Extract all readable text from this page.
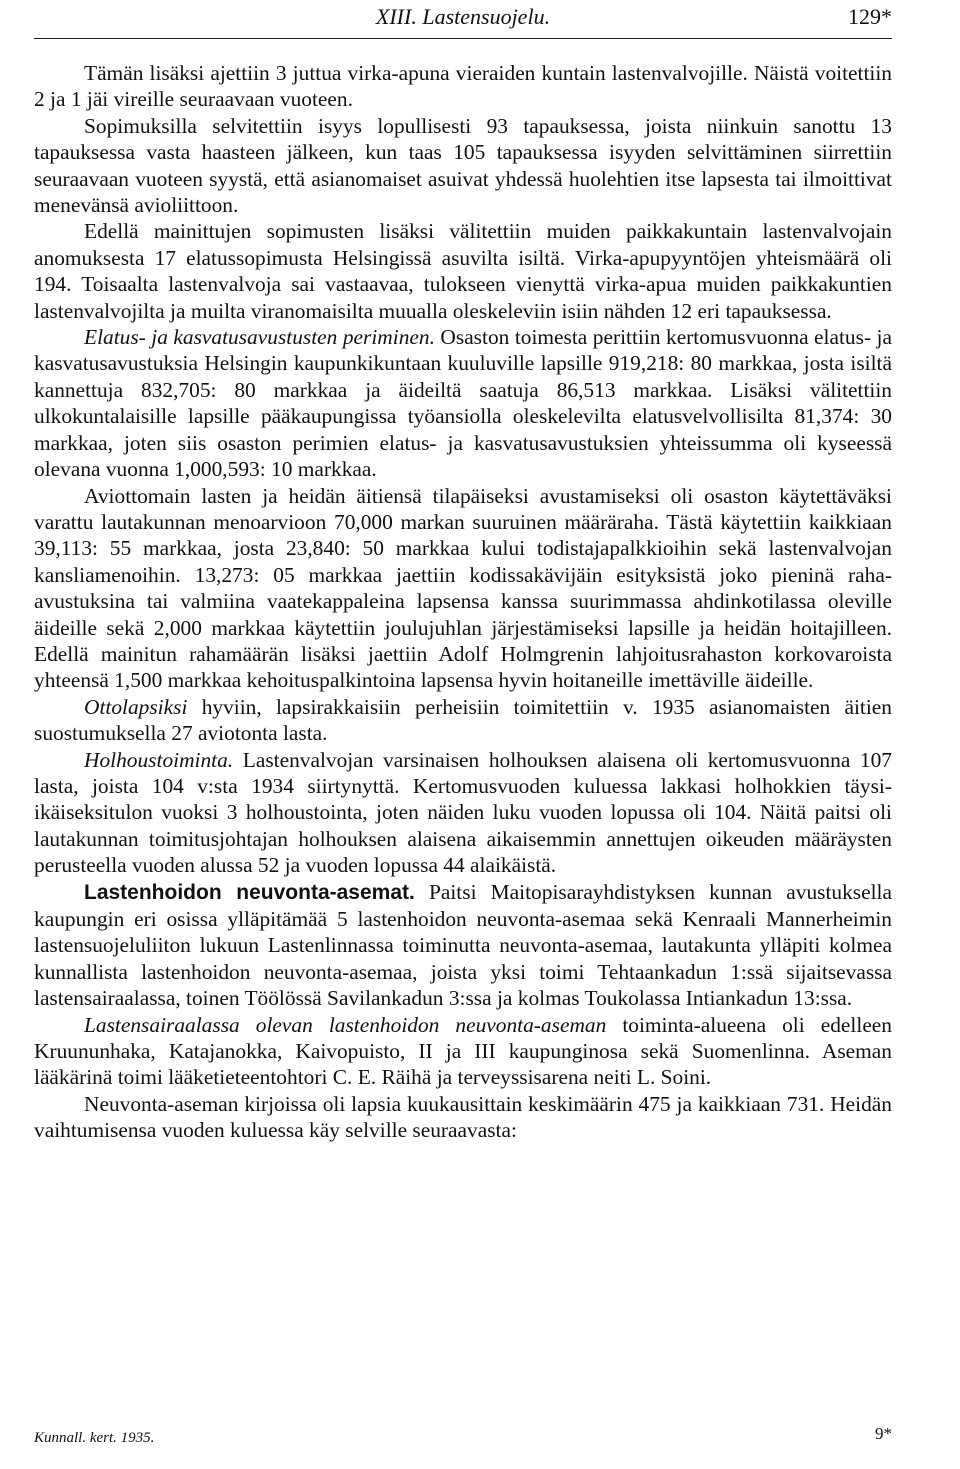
XIII. Lastensuojelu.	129*

Tämän lisäksi ajettiin 3 juttua virka-apuna vieraiden kuntain lastenvalvojille. Näistä voitettiin 2 ja 1 jäi vireille seuraavaan vuoteen.

Sopimuksilla selvitettiin isyys lopullisesti 93 tapauksessa, joista niinkuin sanottu 13 tapauksessa vasta haasteen jälkeen, kun taas 105 tapauksessa isyyden selvittäminen siirrettiin seuraavaan vuoteen syystä, että asianomaiset asuivat yhdessä huolehtien itse lapsesta tai ilmoittivat menevänsä avioliittoon.

Edellä mainittujen sopimusten lisäksi välitettiin muiden paikkakuntain lastenvalvojain anomuksesta 17 elatussopimusta Helsingissä asuvilta isiltä. Virka-apupyyntöjen yhteismäärä oli 194. Toisaalta lastenvalvoja sai vastaavaa, tulokseen vienyttä virka-apua muiden paikkakuntien lastenvalvojilta ja muilta viranomaisilta muualla oleskeleviin isiin nähden 12 eri tapauksessa.

Elatus- ja kasvatusavustusten periminen. Osaston toimesta perittiin kertomusvuonna elatus- ja kasvatusavustuksia Helsingin kaupunkikuntaan kuuluville lapsille 919,218: 80 markkaa, josta isiltä kannettuja 832,705: 80 markkaa ja äideiltä saatuja 86,513 markkaa. Lisäksi välitettiin ulkokuntalaisille lapsille pääkaupungissa työansiolla oleskelevilta elatusvelvollisilta 81,374: 30 markkaa, joten siis osaston perimien elatus- ja kasvatusavustuksien yhteissumma oli kyseessä olevana vuonna 1,000,593: 10 markkaa.

Aviottomain lasten ja heidän äitiensä tilapäiseksi avustamiseksi oli osaston käytettäväksi varattu lautakunnan menoarvioon 70,000 markan suuruinen määräraha. Tästä käytettiin kaikkiaan 39,113: 55 markkaa, josta 23,840: 50 markkaa kului todistajapalkkioihin sekä lastenvalvojan kansliamenoihin. 13,273: 05 markkaa jaettiin kodissakävijäin esityksistä joko pieninä raha-avustuksina tai valmiina vaatekappaleina lapsensa kanssa suurimmassa ahdinkotilassa oleville äideille sekä 2,000 markkaa käytettiin joulujuhlan järjestämiseksi lapsille ja heidän hoitajilleen. Edellä mainitun rahamäärän lisäksi jaettiin Adolf Holmgrenin lahjoitusrahaston korkovaroista yhteensä 1,500 markkaa kehoituspalkintoina lapsensa hyvin hoitaneille imettäville äideille.

Ottolapsiksi hyviin, lapsirakkaisiin perheisiin toimitettiin v. 1935 asianomaisten äitien suostumuksella 27 aviotonta lasta.

Holhoustoiminta. Lastenvalvojan varsinaisen holhouksen alaisena oli kertomusvuonna 107 lasta, joista 104 v:sta 1934 siirtynyttä. Kertomusvuoden kuluessa lakkasi holhokkien täysi-ikäiseksitulon vuoksi 3 holhoustointa, joten näiden luku vuoden lopussa oli 104. Näitä paitsi oli lautakunnan toimitusjohtajan holhouksen alaisena aikaisemmin annettujen oikeuden määräysten perusteella vuoden alussa 52 ja vuoden lopussa 44 alaikäistä.

Lastenhoidon neuvonta-asemat. Paitsi Maitopisarayhdistyksen kunnan avustuksella kaupungin eri osissa ylläpitämää 5 lastenhoidon neuvonta-asemaa sekä Kenraali Mannerheimin lastensuojeluliiton lukuun Lastenlinnassa toiminutta neuvonta-asemaa, lautakunta ylläpiti kolmea kunnallista lastenhoidon neuvonta-asemaa, joista yksi toimi Tehtaankadun 1:ssä sijaitsevassa lastensairaalassa, toinen Töölössä Savilankadun 3:ssa ja kolmas Toukolassa Intiankadun 13:ssa.

Lastensairaalassa olevan lastenhoidon neuvonta-aseman toiminta-alueena oli edelleen Kruununhaka, Katajanokka, Kaivopuisto, II ja III kaupunginosa sekä Suomenlinna. Aseman lääkärinä toimi lääketieteentohtori C. E. Räihä ja terveyssisarena neiti L. Soini.

Neuvonta-aseman kirjoissa oli lapsia kuukausittain keskimäärin 475 ja kaikkiaan 731. Heidän vaihtumisensa vuoden kuluessa käy selville seuraavasta:

Kunnall. kert. 1935.	9*
